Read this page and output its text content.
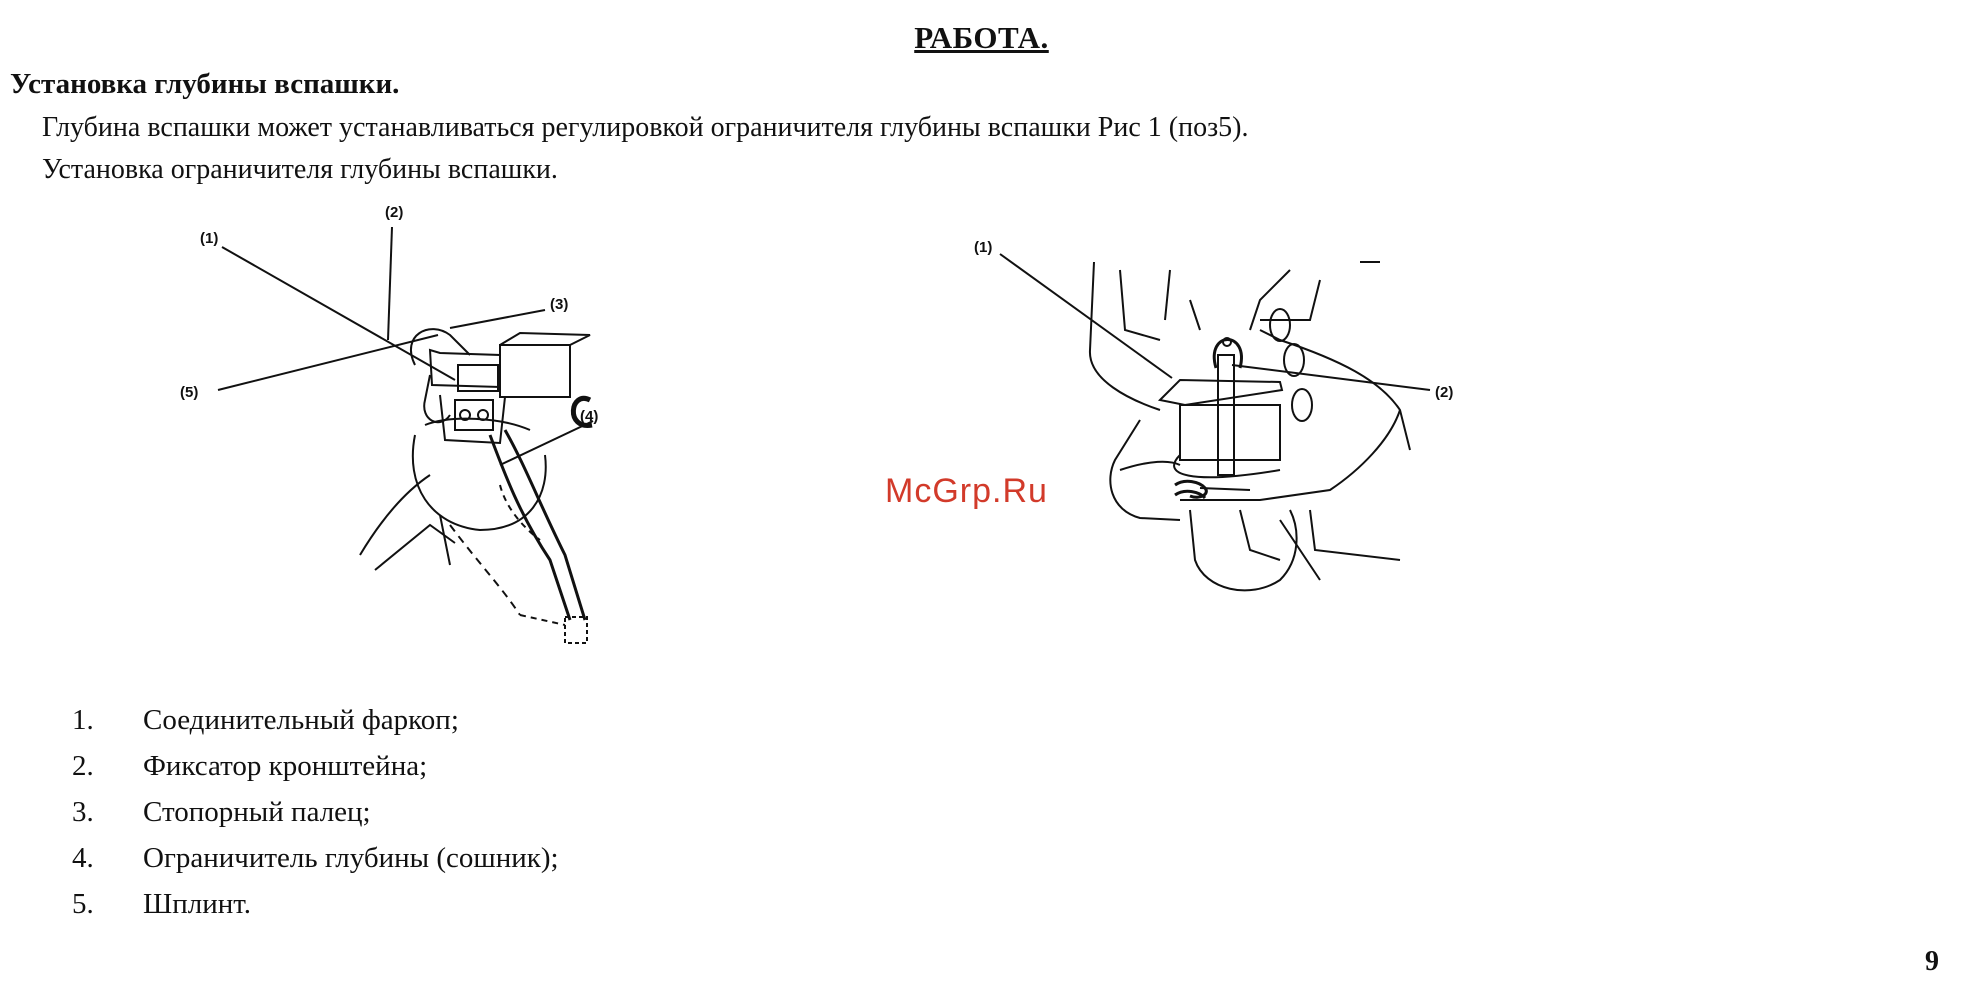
РАБОТА.
Установка глубины вспашки.
Глубина вспашки может устанавливаться регулировкой ограничителя глубины вспашки Рис 1 (поз5).
Установка ограничителя глубины вспашки.
(2)
(1)
(3)
(5)
(4)
(1)
(2)
McGrp.Ru
1.	Соединительный фаркоп;
2.	Фиксатор кронштейна;
3.	Стопорный палец;
4.	Ограничитель глубины (сошник);
5.	Шплинт.
9
